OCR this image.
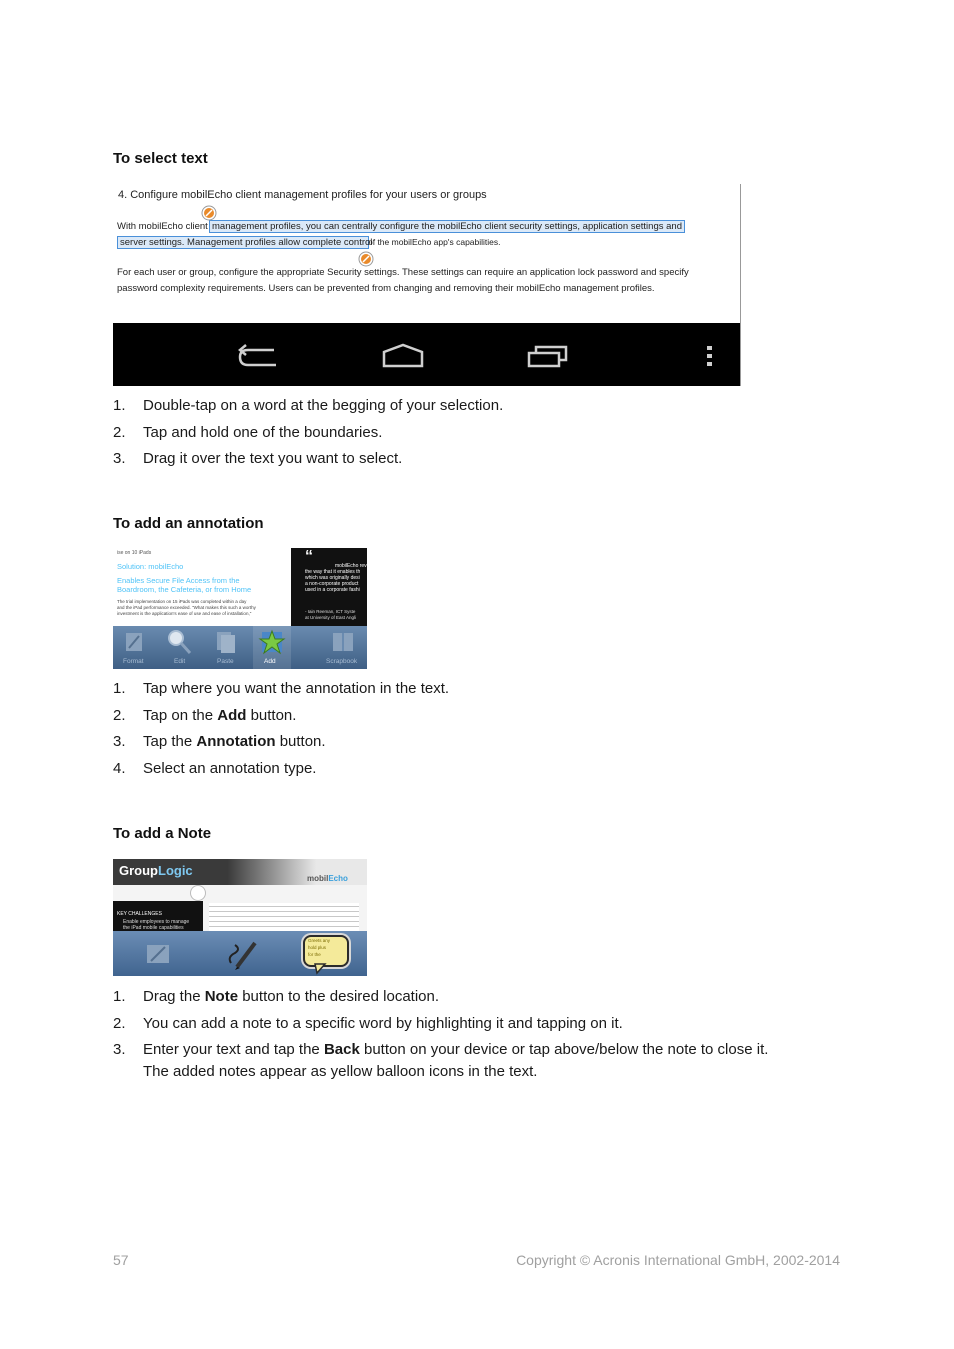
To select text
4. Configure mobilEcho client management profiles for your users or groups
With mobilEcho client management profiles, you can centrally configure the mobilEcho client security settings, application settings and
server settings. Management profiles allow complete control
of the mobilEcho app's capabilities.
For each user or group, configure the appropriate Security settings. These settings can require an application lock password and specify
password complexity requirements. Users can be prevented from changing and removing their mobilEcho management profiles.
1. Double-tap on a word at the begging of your selection.
2. Tap and hold one of the boundaries.
3. Drag it over the text you want to select.
To add an annotation
ise on 10 iPads
Solution: mobilEcho
Enables Secure File Access from the
Boardroom, the Cafeteria, or from Home
The trial implementation on 15 iPads was completed within a day
and the iPad performance exceeded. "What makes this such a worthy
investment is the application's ease of use and ease of installation,"
“
mobilEcho revolutio
the way that it enables th
which was originally desi
a non-corporate product
used in a corporate fashi
- Iain Reeman, ICT Syste
at University of East Angli
Format	Edit	Paste	Add	Scrapbook
1. Tap where you want the annotation in the text.
2. Tap on the Add button.
3. Tap the Annotation button.
4. Select an annotation type.
To add a Note
GroupLogic
mobilEcho
KEY CHALLENGES
Enable employees to manage
the iPad mobile capabilities
Greets any
hold plus
for the
1. Drag the Note button to the desired location.
2. You can add a note to a specific word by highlighting it and tapping on it.
3. Enter your text and tap the Back button on your device or tap above/below the note to close it.
The added notes appear as yellow balloon icons in the text.
57	Copyright © Acronis International GmbH, 2002-2014
